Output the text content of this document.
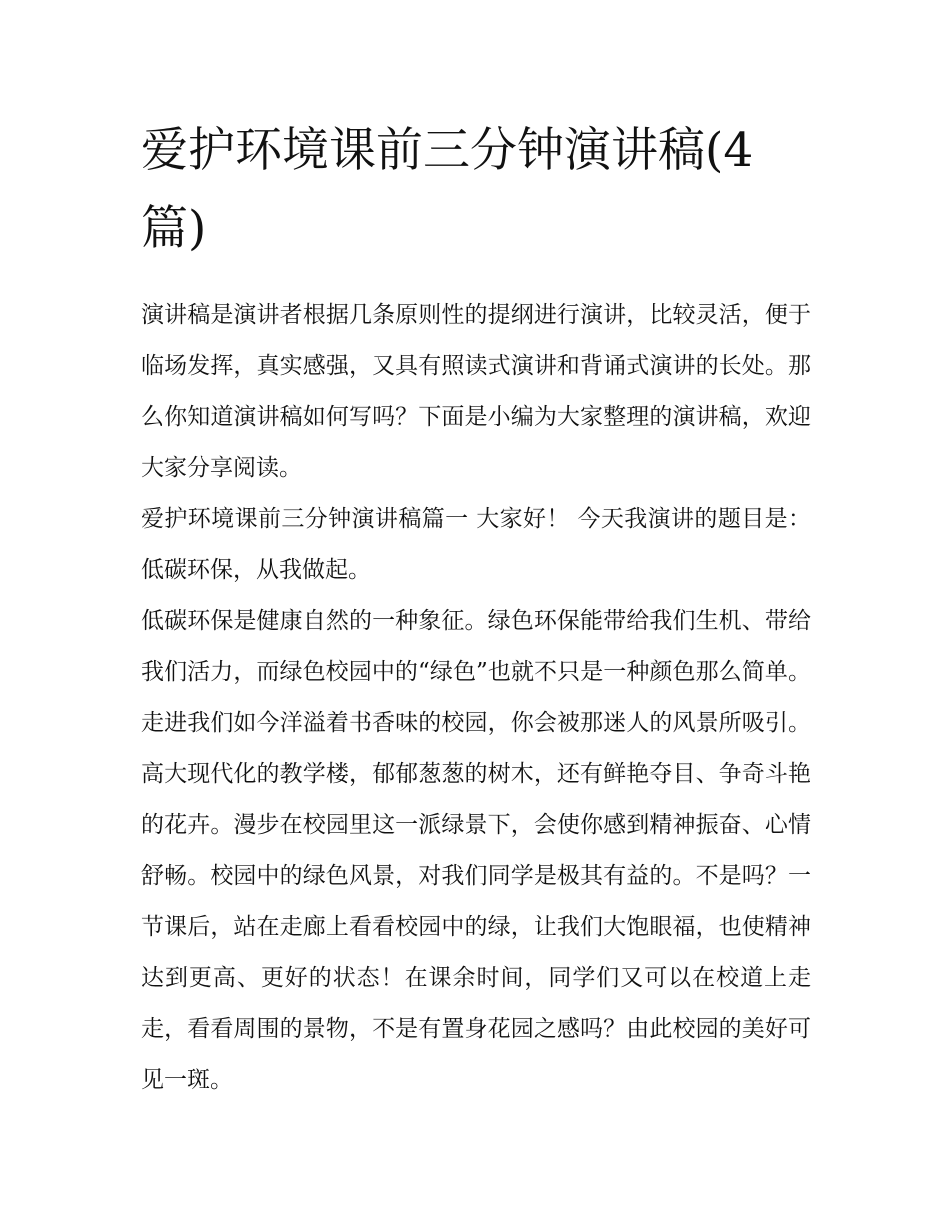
爱护环境课前三分钟演讲稿(4篇)

演讲稿是演讲者根据几条原则性的提纲进行演讲，比较灵活，便于临场发挥，真实感强，又具有照读式演讲和背诵式演讲的长处。那么你知道演讲稿如何写吗？下面是小编为大家整理的演讲稿，欢迎大家分享阅读。

爱护环境课前三分钟演讲稿篇一 大家好！ 今天我演讲的题目是：低碳环保，从我做起。

低碳环保是健康自然的一种象征。绿色环保能带给我们生机、带给我们活力，而绿色校园中的“绿色”也就不只是一种颜色那么简单。走进我们如今洋溢着书香味的校园，你会被那迷人的风景所吸引。高大现代化的教学楼，郁郁葱葱的树木，还有鲜艳夺目、争奇斗艳的花卉。漫步在校园里这一派绿景下，会使你感到精神振奋、心情舒畅。校园中的绿色风景，对我们同学是极其有益的。不是吗？一节课后，站在走廊上看看校园中的绿，让我们大饱眼福，也使精神达到更高、更好的状态！在课余时间，同学们又可以在校道上走走，看看周围的景物，不是有置身花园之感吗？由此校园的美好可见一斑。
